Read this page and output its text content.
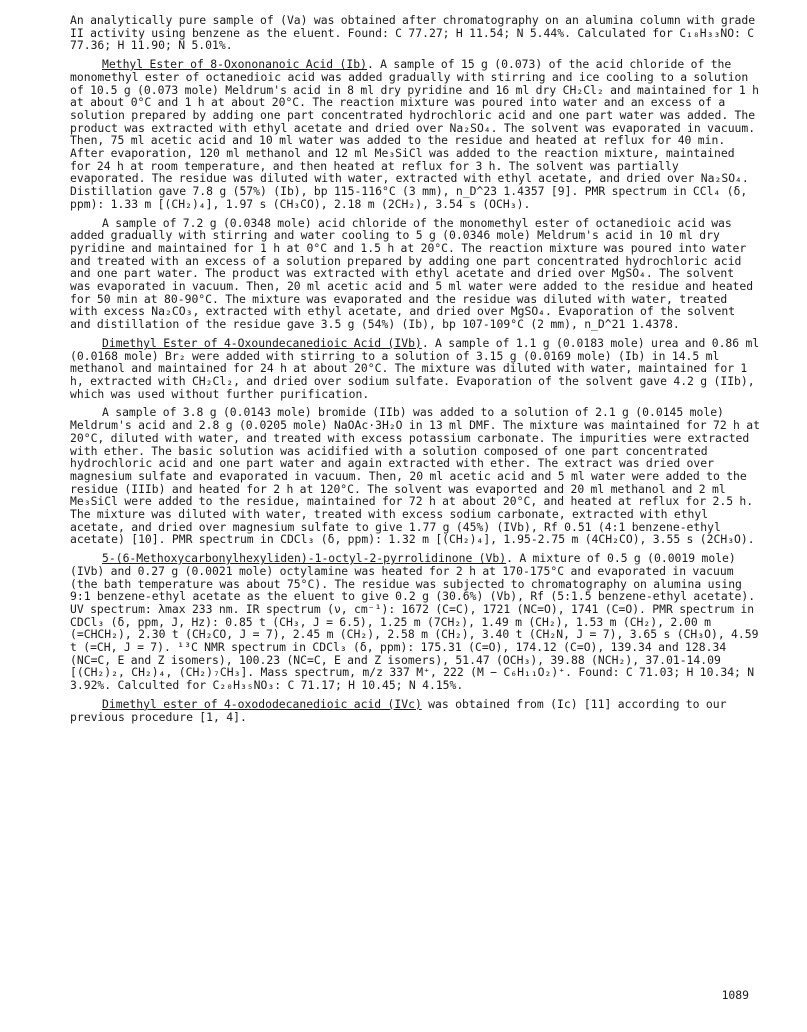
An analytically pure sample of (Va) was obtained after chromatography on an alumina column with grade II activity using benzene as the eluent. Found: C 77.27; H 11.54; N 5.44%. Calculated for C₁₈H₃₃NO: C 77.36; H 11.90; N 5.01%.

Methyl Ester of 8-Oxononanoic Acid (Ib). A sample of 15 g (0.073) of the acid chloride of the monomethyl ester of octanedioic acid was added gradually with stirring and ice cooling to a solution of 10.5 g (0.073 mole) Meldrum's acid in 8 ml dry pyridine and 16 ml dry CH₂Cl₂ and maintained for 1 h at about 0°C and 1 h at about 20°C. The reaction mixture was poured into water and an excess of a solution prepared by adding one part concentrated hydrochloric acid and one part water was added. The product was extracted with ethyl acetate and dried over Na₂SO₄. The solvent was evaporated in vacuum. Then, 75 ml acetic acid and 10 ml water was added to the residue and heated at reflux for 40 min. After evaporation, 120 ml methanol and 12 ml Me₃SiCl was added to the reaction mixture, maintained for 24 h at room temperature, and then heated at reflux for 3 h. The solvent was partially evaporated. The residue was diluted with water, extracted with ethyl acetate, and dried over Na₂SO₄. Distillation gave 7.8 g (57%) (Ib), bp 115-116°C (3 mm), n_D^23 1.4357 [9]. PMR spectrum in CCl₄ (δ, ppm): 1.33 m [(CH₂)₄], 1.97 s (CH₃CO), 2.18 m (2CH₂), 3.54 s (OCH₃).

A sample of 7.2 g (0.0348 mole) acid chloride of the monomethyl ester of octanedioic acid was added gradually with stirring and water cooling to 5 g (0.0346 mole) Meldrum's acid in 10 ml dry pyridine and maintained for 1 h at 0°C and 1.5 h at 20°C. The reaction mixture was poured into water and treated with an excess of a solution prepared by adding one part concentrated hydrochloric acid and one part water. The product was extracted with ethyl acetate and dried over MgSO₄. The solvent was evaporated in vacuum. Then, 20 ml acetic acid and 5 ml water were added to the residue and heated for 50 min at 80-90°C. The mixture was evaporated and the residue was diluted with water, treated with excess Na₂CO₃, extracted with ethyl acetate, and dried over MgSO₄. Evaporation of the solvent and distillation of the residue gave 3.5 g (54%) (Ib), bp 107-109°C (2 mm), n_D^21 1.4378.

Dimethyl Ester of 4-Oxoundecanedioic Acid (IVb). A sample of 1.1 g (0.0183 mole) urea and 0.86 ml (0.0168 mole) Br₂ were added with stirring to a solution of 3.15 g (0.0169 mole) (Ib) in 14.5 ml methanol and maintained for 24 h at about 20°C. The mixture was diluted with water, maintained for 1 h, extracted with CH₂Cl₂, and dried over sodium sulfate. Evaporation of the solvent gave 4.2 g (IIb), which was used without further purification.

A sample of 3.8 g (0.0143 mole) bromide (IIb) was added to a solution of 2.1 g (0.0145 mole) Meldrum's acid and 2.8 g (0.0205 mole) NaOAc·3H₂O in 13 ml DMF. The mixture was maintained for 72 h at 20°C, diluted with water, and treated with excess potassium carbonate. The impurities were extracted with ether. The basic solution was acidified with a solution composed of one part concentrated hydrochloric acid and one part water and again extracted with ether. The extract was dried over magnesium sulfate and evaporated in vacuum. Then, 20 ml acetic acid and 5 ml water were added to the residue (IIIb) and heated for 2 h at 120°C. The solvent was evaported and 20 ml methanol and 2 ml Me₃SiCl were added to the residue, maintained for 72 h at about 20°C, and heated at reflux for 2.5 h. The mixture was diluted with water, treated with excess sodium carbonate, extracted with ethyl acetate, and dried over magnesium sulfate to give 1.77 g (45%) (IVb), Rf 0.51 (4:1 benzene-ethyl acetate) [10]. PMR spectrum in CDCl₃ (δ, ppm): 1.32 m [(CH₂)₄], 1.95-2.75 m (4CH₂CO), 3.55 s (2CH₃O).

5-(6-Methoxycarbonylhexyliden)-1-octyl-2-pyrrolidinone (Vb). A mixture of 0.5 g (0.0019 mole) (IVb) and 0.27 g (0.0021 mole) octylamine was heated for 2 h at 170-175°C and evaporated in vacuum (the bath temperature was about 75°C). The residue was subjected to chromatography on alumina using 9:1 benzene-ethyl acetate as the eluent to give 0.2 g (30.6%) (Vb), Rf (5:1.5 benzene-ethyl acetate). UV spectrum: λmax 233 nm. IR spectrum (ν, cm⁻¹): 1672 (C=C), 1721 (NC=O), 1741 (C=O). PMR spectrum in CDCl₃ (δ, ppm, J, Hz): 0.85 t (CH₃, J = 6.5), 1.25 m (7CH₂), 1.49 m (CH₂), 1.53 m (CH₂), 2.00 m (=CHCH₂), 2.30 t (CH₂CO, J = 7), 2.45 m (CH₂), 2.58 m (CH₂), 3.40 t (CH₂N, J = 7), 3.65 s (CH₃O), 4.59 t (=CH, J = 7). ¹³C NMR spectrum in CDCl₃ (δ, ppm): 175.31 (C=O), 174.12 (C=O), 139.34 and 128.34 (NC=C, E and Z isomers), 100.23 (NC=C, E and Z isomers), 51.47 (OCH₃), 39.88 (NCH₂), 37.01-14.09 [(CH₂)₂, CH₂)₄, (CH₂)₇CH₃]. Mass spectrum, m/z 337 M⁺, 222 (M − C₆H₁₁O₂)⁺. Found: C 71.03; H 10.34; N 3.92%. Calculted for C₂₀H₃₅NO₃: C 71.17; H 10.45; N 4.15%.

Dimethyl ester of 4-oxododecanedioic acid (IVc) was obtained from (Ic) [11] according to our previous procedure [1, 4].

1089
